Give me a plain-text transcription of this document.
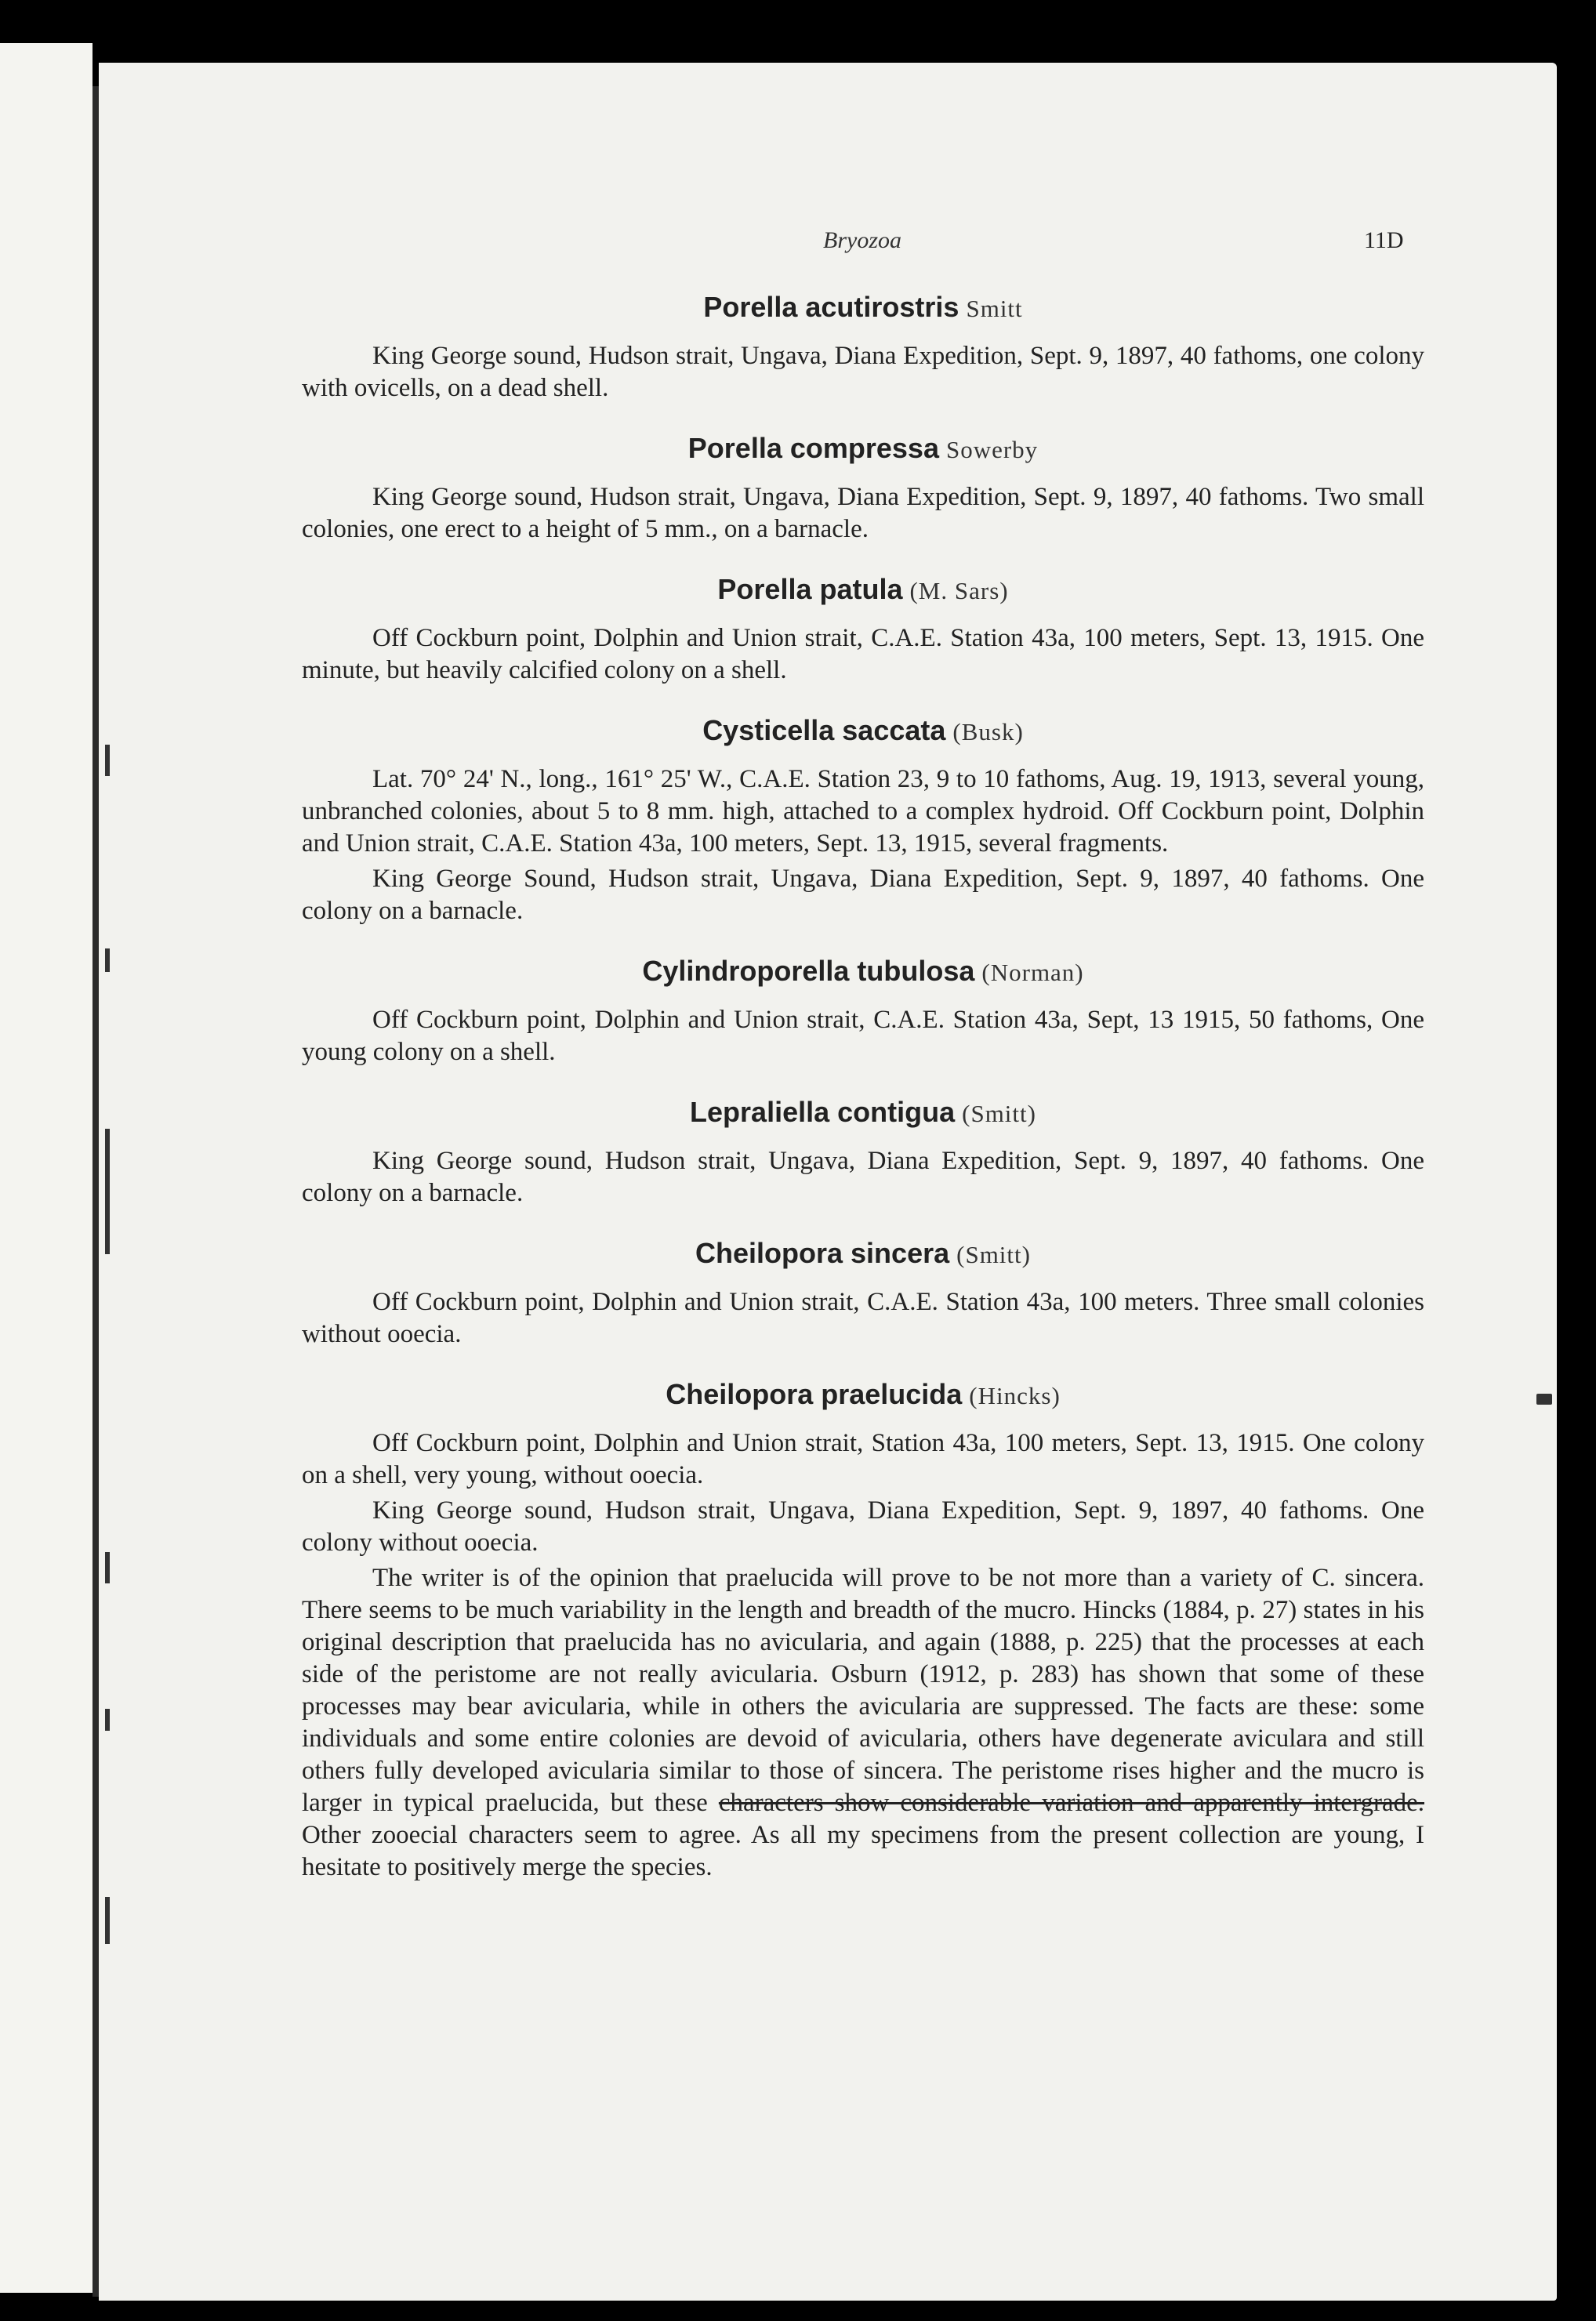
Bryozoa	11D
Porella acutirostris Smitt

King George sound, Hudson strait, Ungava, Diana Expedition, Sept. 9, 1897, 40 fathoms, one colony with ovicells, on a dead shell.

Porella compressa Sowerby

King George sound, Hudson strait, Ungava, Diana Expedition, Sept. 9, 1897, 40 fathoms. Two small colonies, one erect to a height of 5 mm., on a barnacle.

Porella patula (M. Sars)

Off Cockburn point, Dolphin and Union strait, C.A.E. Station 43a, 100 meters, Sept. 13, 1915. One minute, but heavily calcified colony on a shell.

Cysticella saccata (Busk)

Lat. 70° 24' N., long., 161° 25' W., C.A.E. Station 23, 9 to 10 fathoms, Aug. 19, 1913, several young, unbranched colonies, about 5 to 8 mm. high, attached to a complex hydroid. Off Cockburn point, Dolphin and Union strait, C.A.E. Station 43a, 100 meters, Sept. 13, 1915, several fragments.

King George Sound, Hudson strait, Ungava, Diana Expedition, Sept. 9, 1897, 40 fathoms. One colony on a barnacle.

Cylindroporella tubulosa (Norman)

Off Cockburn point, Dolphin and Union strait, C.A.E. Station 43a, Sept, 13 1915, 50 fathoms, One young colony on a shell.

Lepraliella contigua (Smitt)

King George sound, Hudson strait, Ungava, Diana Expedition, Sept. 9, 1897, 40 fathoms. One colony on a barnacle.

Cheilopora sincera (Smitt)

Off Cockburn point, Dolphin and Union strait, C.A.E. Station 43a, 100 meters. Three small colonies without ooecia.

Cheilopora praelucida (Hincks)

Off Cockburn point, Dolphin and Union strait, Station 43a, 100 meters, Sept. 13, 1915. One colony on a shell, very young, without ooecia.

King George sound, Hudson strait, Ungava, Diana Expedition, Sept. 9, 1897, 40 fathoms. One colony without ooecia.

The writer is of the opinion that praelucida will prove to be not more than a variety of C. sincera. There seems to be much variability in the length and breadth of the mucro. Hincks (1884, p. 27) states in his original description that praelucida has no avicularia, and again (1888, p. 225) that the processes at each side of the peristome are not really avicularia. Osburn (1912, p. 283) has shown that some of these processes may bear avicularia, while in others the avicularia are suppressed. The facts are these: some individuals and some entire colonies are devoid of avicularia, others have degenerate aviculara and still others fully developed avicularia similar to those of sincera. The peristome rises higher and the mucro is larger in typical praelucida, but these characters show considerable variation and apparently intergrade. Other zooecial characters seem to agree. As all my specimens from the present collection are young, I hesitate to positively merge the species.
